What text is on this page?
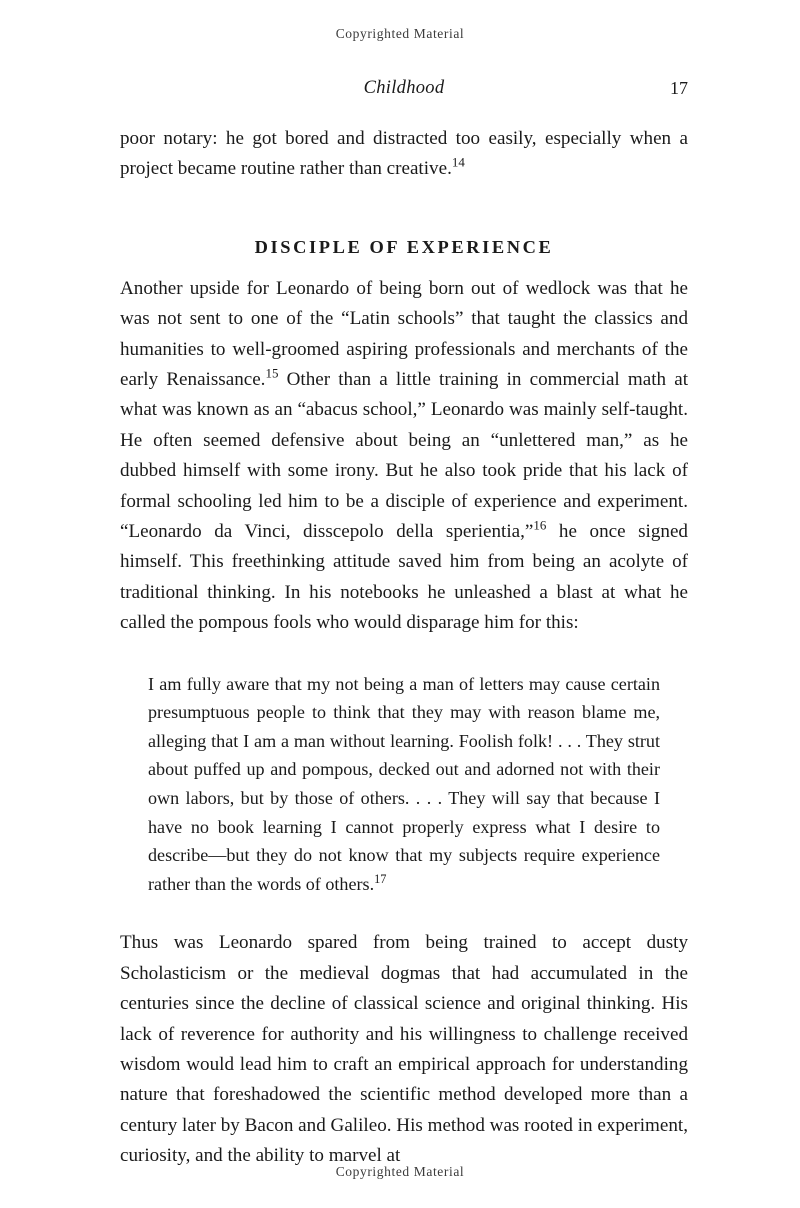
Copyrighted Material
Childhood	17

poor notary: he got bored and distracted too easily, especially when a project became routine rather than creative.$^{14}$

DISCIPLE OF EXPERIENCE

Another upside for Leonardo of being born out of wedlock was that he was not sent to one of the “Latin schools” that taught the classics and humanities to well-groomed aspiring professionals and merchants of the early Renaissance.$^{15}$ Other than a little training in commercial math at what was known as an “abacus school,” Leonardo was mainly self-taught. He often seemed defensive about being an “unlettered man,” as he dubbed himself with some irony. But he also took pride that his lack of formal schooling led him to be a disciple of experience and experiment. “Leonardo da Vinci, disscepolo della sperientia,”$^{16}$ he once signed himself. This freethinking attitude saved him from being an acolyte of traditional thinking. In his notebooks he unleashed a blast at what he called the pompous fools who would disparage him for this:

I am fully aware that my not being a man of letters may cause certain presumptuous people to think that they may with reason blame me, alleging that I am a man without learning. Foolish folk! . . . They strut about puffed up and pompous, decked out and adorned not with their own labors, but by those of others. . . . They will say that because I have no book learning I cannot properly express what I desire to describe—but they do not know that my subjects require experience rather than the words of others.$^{17}$

Thus was Leonardo spared from being trained to accept dusty Scholasticism or the medieval dogmas that had accumulated in the centuries since the decline of classical science and original thinking. His lack of reverence for authority and his willingness to challenge received wisdom would lead him to craft an empirical approach for understanding nature that foreshadowed the scientific method developed more than a century later by Bacon and Galileo. His method was rooted in experiment, curiosity, and the ability to marvel at

Copyrighted Material
